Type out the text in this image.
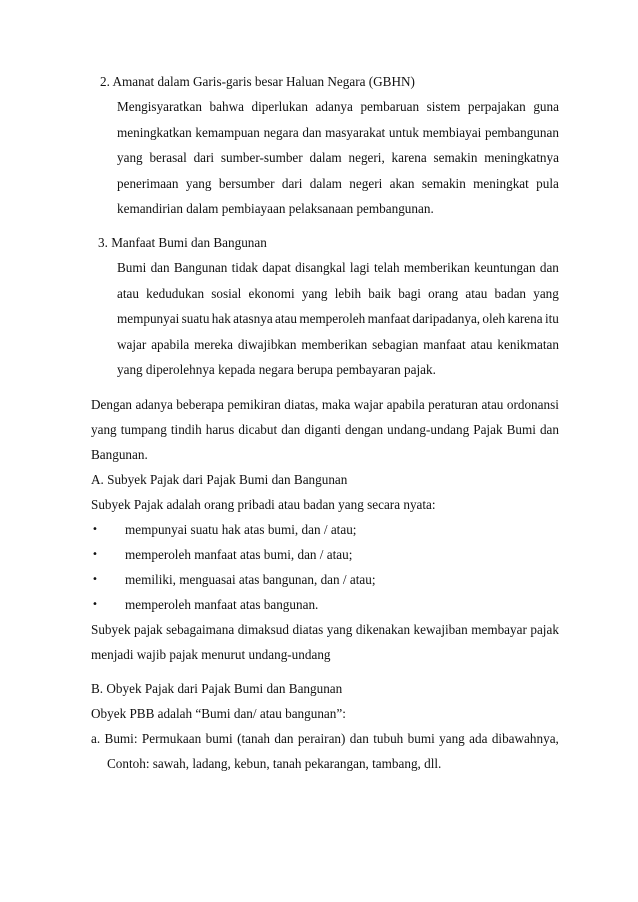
2. Amanat dalam Garis-garis besar Haluan Negara (GBHN)
Mengisyaratkan bahwa diperlukan adanya pembaruan sistem perpajakan guna
meningkatkan kemampuan negara dan masyarakat untuk membiayai pembangunan
yang berasal dari sumber-sumber dalam negeri, karena semakin meningkatnya
penerimaan yang bersumber dari dalam negeri akan semakin meningkat pula
kemandirian dalam pembiayaan pelaksanaan pembangunan.
3. Manfaat Bumi dan Bangunan
Bumi dan Bangunan tidak dapat disangkal lagi telah memberikan keuntungan dan
atau kedudukan sosial ekonomi yang lebih baik bagi orang atau badan yang
mempunyai suatu hak atasnya atau memperoleh manfaat daripadanya, oleh karena itu
wajar apabila mereka diwajibkan memberikan sebagian manfaat atau kenikmatan
yang diperolehnya kepada negara berupa pembayaran pajak.
Dengan adanya beberapa pemikiran diatas, maka wajar apabila peraturan atau ordonansi
yang tumpang tindih harus dicabut dan diganti dengan undang-undang Pajak Bumi dan
Bangunan.
A. Subyek Pajak dari Pajak Bumi dan Bangunan
Subyek Pajak adalah orang pribadi atau badan yang secara nyata:
• mempunyai suatu hak atas bumi, dan / atau;
• memperoleh manfaat atas bumi, dan / atau;
• memiliki, menguasai atas bangunan, dan / atau;
• memperoleh manfaat atas bangunan.
Subyek pajak sebagaimana dimaksud diatas yang dikenakan kewajiban membayar pajak
menjadi wajib pajak menurut undang-undang
B. Obyek Pajak dari Pajak Bumi dan Bangunan
Obyek PBB adalah “Bumi dan/ atau bangunan”:
a. Bumi: Permukaan bumi (tanah dan perairan) dan tubuh bumi yang ada dibawahnya,
Contoh: sawah, ladang, kebun, tanah pekarangan, tambang, dll.
